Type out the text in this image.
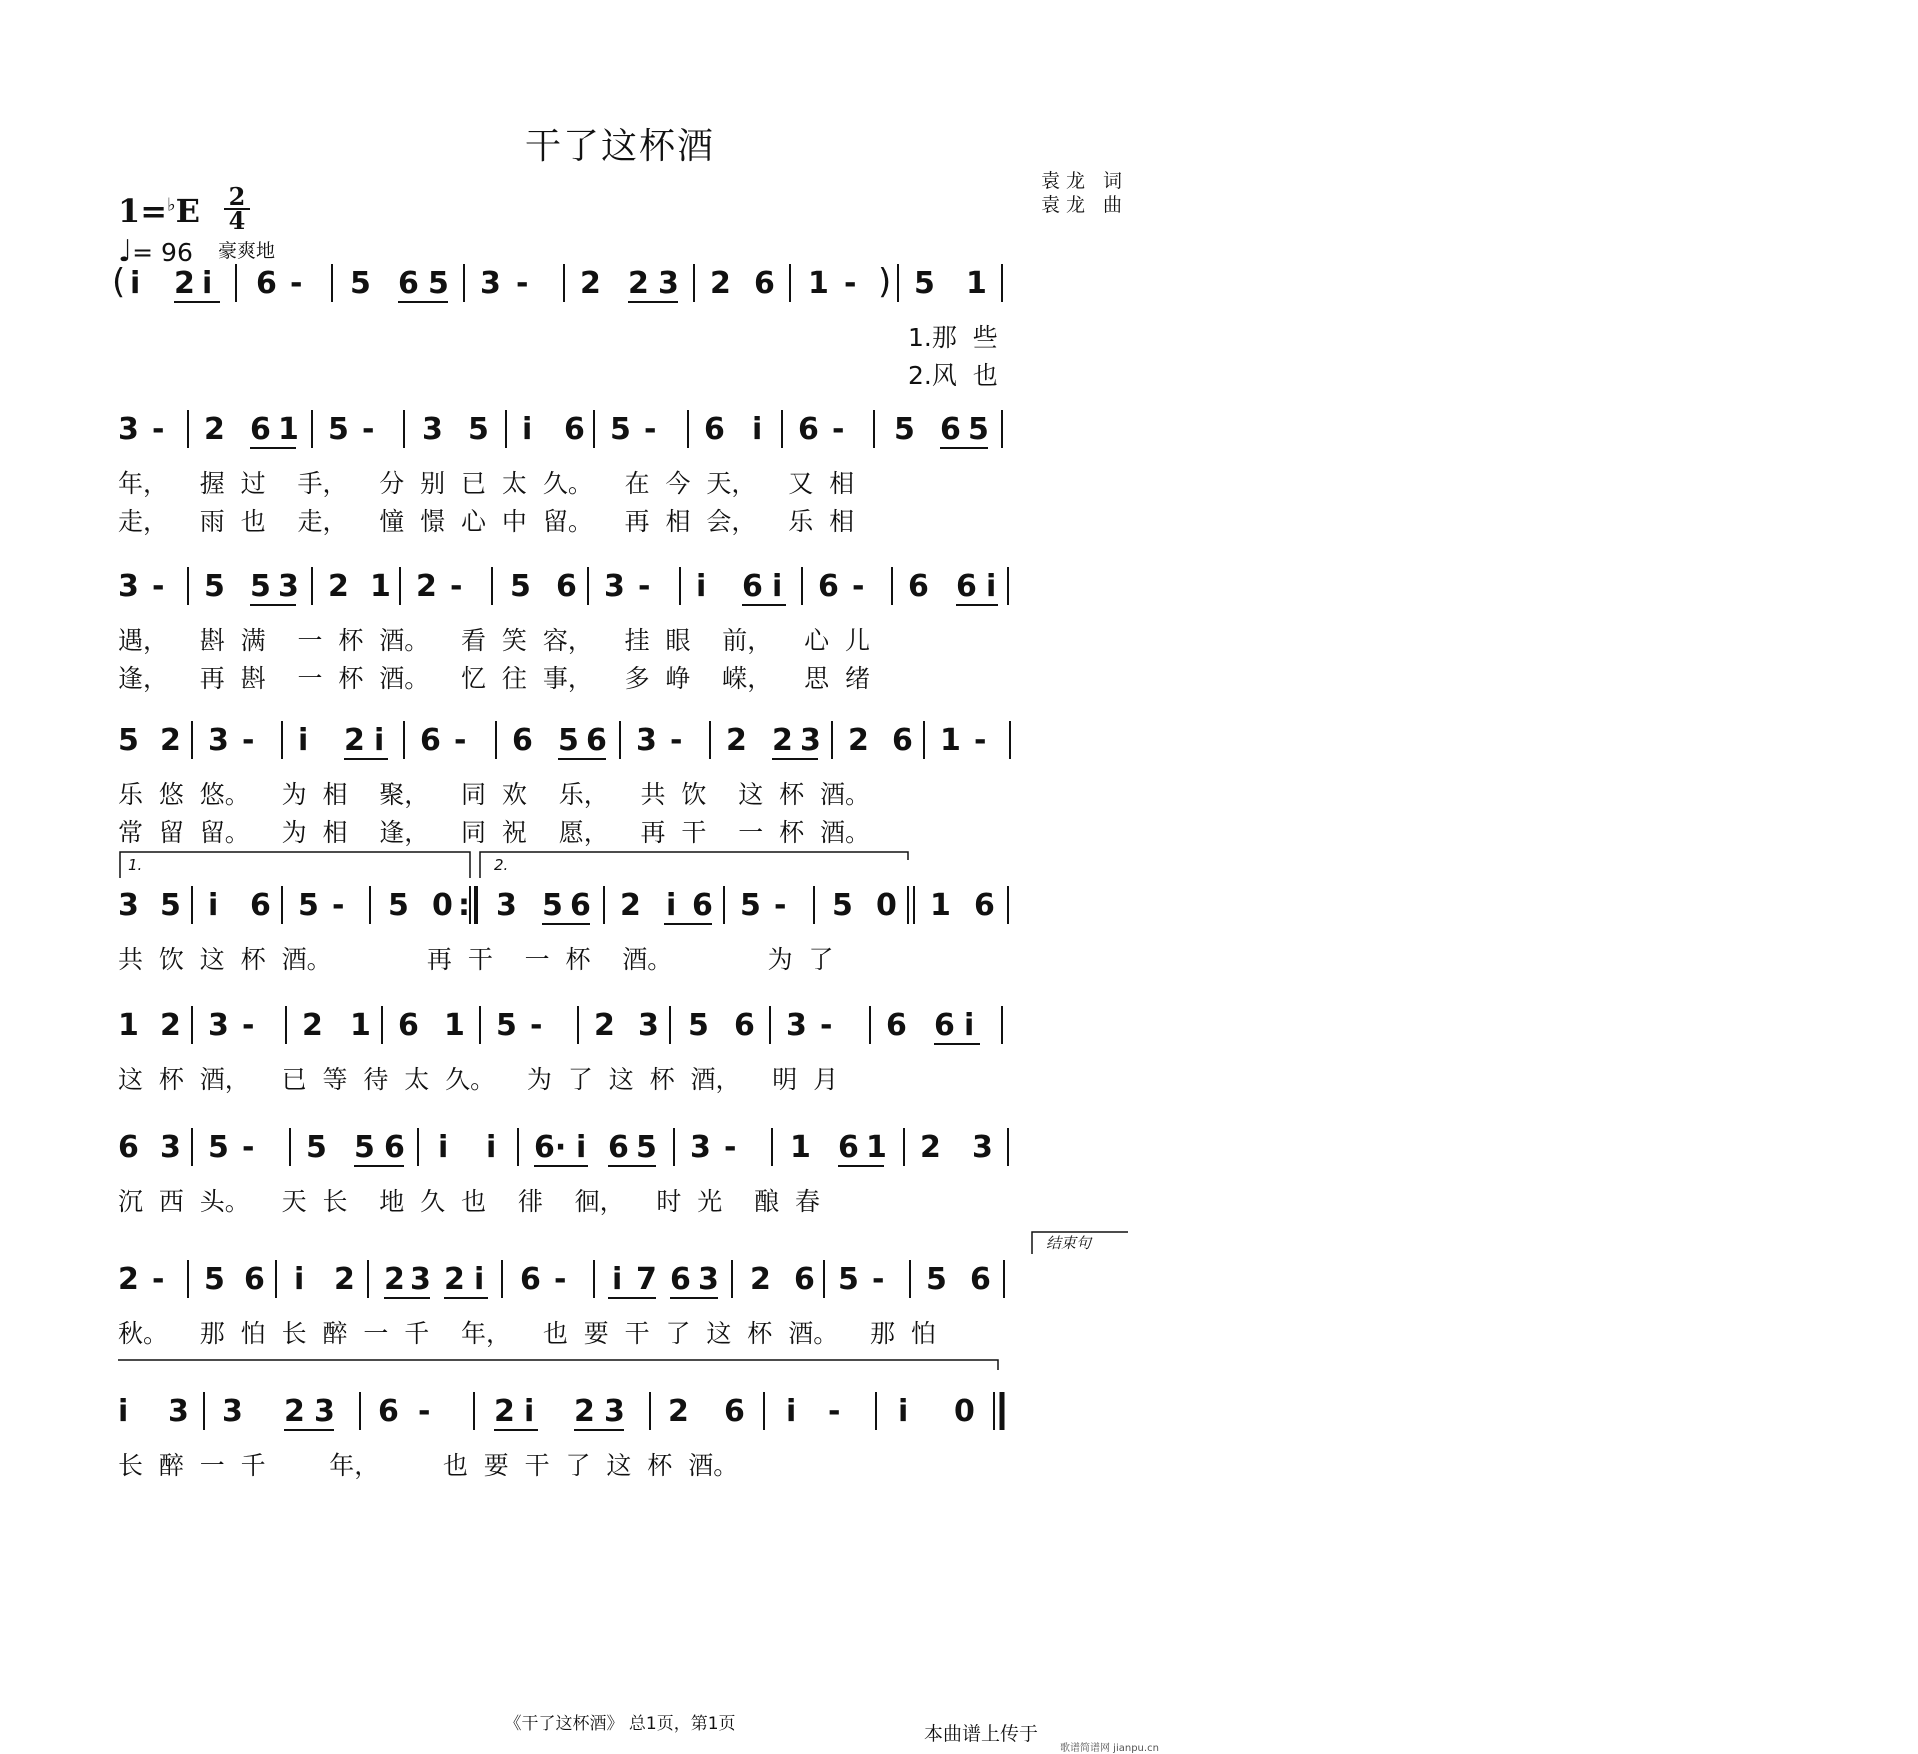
干了这杯酒
袁龙 词
袁龙 曲
1=♭E 2
4
♩= 96 豪爽地
( i 2 i 6 - 5 6 5 3 - 2 2 3 2 6 1 - ) 5 1
1.那  些
2.风  也
3 - 2 6 1 5 - 3 5 i 6 5 - 6 i 6 - 5 6 5
年，    握  过    手，    分  别  已  太  久。    在  今  天，    又  相
走，    雨  也    走，    憧  憬  心  中  留。    再  相  会，    乐  相
3 - 5 5 3 2 1 2 - 5 6 3 - i 6 i 6 - 6 6 i
遇，    斟  满    一  杯  酒。    看  笑  容，    挂  眼    前，    心  儿
逢，    再  斟    一  杯  酒。    忆  往  事，    多  峥    嵘，    思  绪
5 2 3 - i 2 i 6 - 6 5 6 3 - 2 2 3 2 6 1 -
乐  悠  悠。    为  相    聚，    同  欢    乐，    共  饮    这  杯  酒。
常  留  留。    为  相    逢，    同  祝    愿，    再  干    一  杯  酒。
1.	2.
3 5 i 6 5 - 5 0 : 3 5 6 2 i 6 5 - 5 0 1 6
共  饮  这  杯  酒。            再  干    一  杯    酒。            为  了
1 2 3 - 2 1 6 1 5 - 2 3 5 6 3 - 6 6 i
这  杯  酒，    已  等  待  太  久。    为  了  这  杯  酒，    明  月
6 3 5 - 5 5 6 i i 6· i 6 5 3 - 1 6 1 2 3
沉  西  头。    天  长    地  久  也    徘    徊，    时  光    酿  春
结束句
2 - 5 6 i 2 2 3 2 i 6 - i 7 6 3 2 6 5 - 5 6
秋。    那  怕  长  醉  一  千    年，    也  要  干  了  这  杯  酒。    那  怕
i 3 3 2 3 6 - 2 i 2 3 2 6 i - i 0
长  醉  一  千        年，        也  要  干  了  这  杯  酒。
《干了这杯酒》 总1页，第1页	本曲谱上传于
歌谱简谱网 jianpu.cn
